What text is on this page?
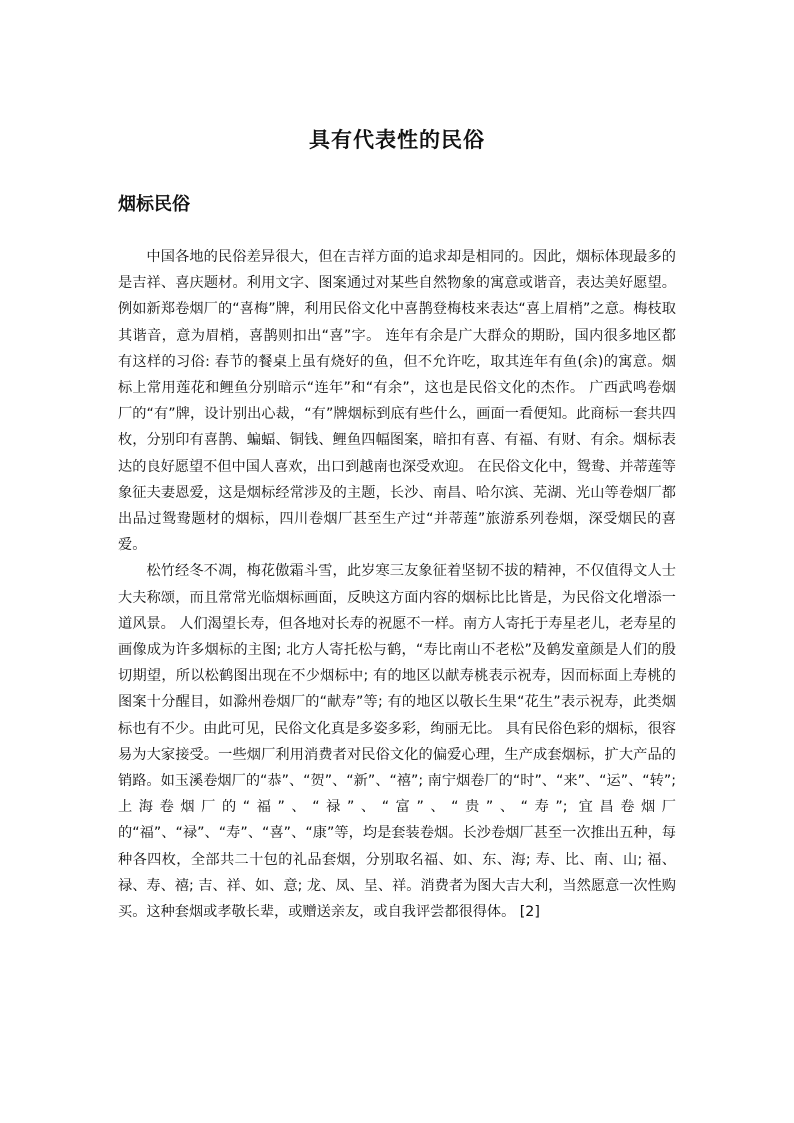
具有代表性的民俗
烟标民俗

中国各地的民俗差异很大，但在吉祥方面的追求却是相同的。因此，烟标体现最多的是吉祥、喜庆题材。利用文字、图案通过对某些自然物象的寓意或谐音，表达美好愿望。 例如新郑卷烟厂的“喜梅”牌，利用民俗文化中喜鹊登梅枝来表达“喜上眉梢”之意。梅枝取其谐音，意为眉梢，喜鹊则扣出“喜”字。 连年有余是广大群众的期盼，国内很多地区都有这样的习俗: 春节的餐桌上虽有烧好的鱼，但不允许吃，取其连年有鱼(余)的寓意。烟标上常用莲花和鲤鱼分别暗示“连年”和“有余”，这也是民俗文化的杰作。 广西武鸣卷烟厂的“有”牌，设计别出心裁，“有”牌烟标到底有些什么，画面一看便知。此商标一套共四枚，分别印有喜鹊、蝙蝠、铜钱、鲤鱼四幅图案，暗扣有喜、有福、有财、有余。烟标表达的良好愿望不但中国人喜欢，出口到越南也深受欢迎。 在民俗文化中，鸳鸯、并蒂莲等象征夫妻恩爱，这是烟标经常涉及的主题，长沙、南昌、哈尔滨、芜湖、光山等卷烟厂都出品过鸳鸯题材的烟标，四川卷烟厂甚至生产过“并蒂莲”旅游系列卷烟，深受烟民的喜爱。

松竹经冬不凋，梅花傲霜斗雪，此岁寒三友象征着坚韧不拔的精神，不仅值得文人士大夫称颂，而且常常光临烟标画面，反映这方面内容的烟标比比皆是，为民俗文化增添一道风景。 人们渴望长寿，但各地对长寿的祝愿不一样。南方人寄托于寿星老儿，老寿星的画像成为许多烟标的主图; 北方人寄托松与鹤，“寿比南山不老松”及鹤发童颜是人们的殷切期望，所以松鹤图出现在不少烟标中; 有的地区以献寿桃表示祝寿，因而标面上寿桃的图案十分醒目，如滁州卷烟厂的“献寿”等; 有的地区以敬长生果“花生”表示祝寿，此类烟标也有不少。由此可见，民俗文化真是多姿多彩，绚丽无比。 具有民俗色彩的烟标，很容易为大家接受。一些烟厂利用消费者对民俗文化的偏爱心理，生产成套烟标，扩大产品的销路。如玉溪卷烟厂的“恭”、“贺”、“新”、“禧”; 南宁烟卷厂的“时”、“来”、“运”、“转”; 上海卷烟厂的“福”、“禄”、“富”、“贵”、“寿”; 宜昌卷烟厂的“福”、“禄”、“寿”、“喜”、“康”等，均是套装卷烟。长沙卷烟厂甚至一次推出五种，每种各四枚，全部共二十包的礼品套烟，分别取名福、如、东、海; 寿、比、南、山; 福、禄、寿、禧; 吉、祥、如、意; 龙、凤、呈、祥。消费者为图大吉大利，当然愿意一次性购买。这种套烟或孝敬长辈，或赠送亲友，或自我评尝都很得体。 [2]
